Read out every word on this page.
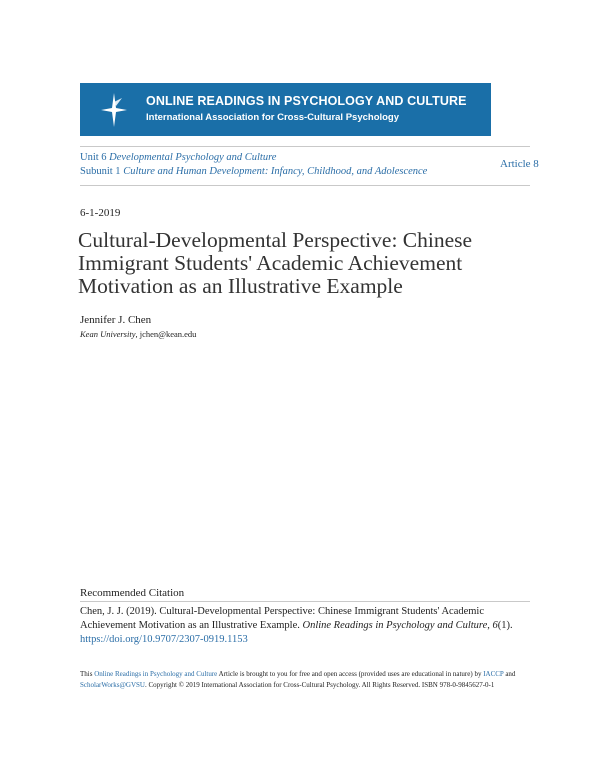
ONLINE READINGS IN PSYCHOLOGY AND CULTURE
International Association for Cross-Cultural Psychology
Unit 6 Developmental Psychology and Culture
Subunit 1 Culture and Human Development: Infancy, Childhood, and Adolescence
Article 8
6-1-2019
Cultural-Developmental Perspective: Chinese Immigrant Students' Academic Achievement Motivation as an Illustrative Example
Jennifer J. Chen
Kean University, jchen@kean.edu
Recommended Citation
Chen, J. J. (2019). Cultural-Developmental Perspective: Chinese Immigrant Students' Academic Achievement Motivation as an Illustrative Example. Online Readings in Psychology and Culture, 6(1).
https://doi.org/10.9707/2307-0919.1153
This Online Readings in Psychology and Culture Article is brought to you for free and open access (provided uses are educational in nature) by IACCP and ScholarWorks@GVSU. Copyright © 2019 International Association for Cross-Cultural Psychology. All Rights Reserved. ISBN 978-0-9845627-0-1
